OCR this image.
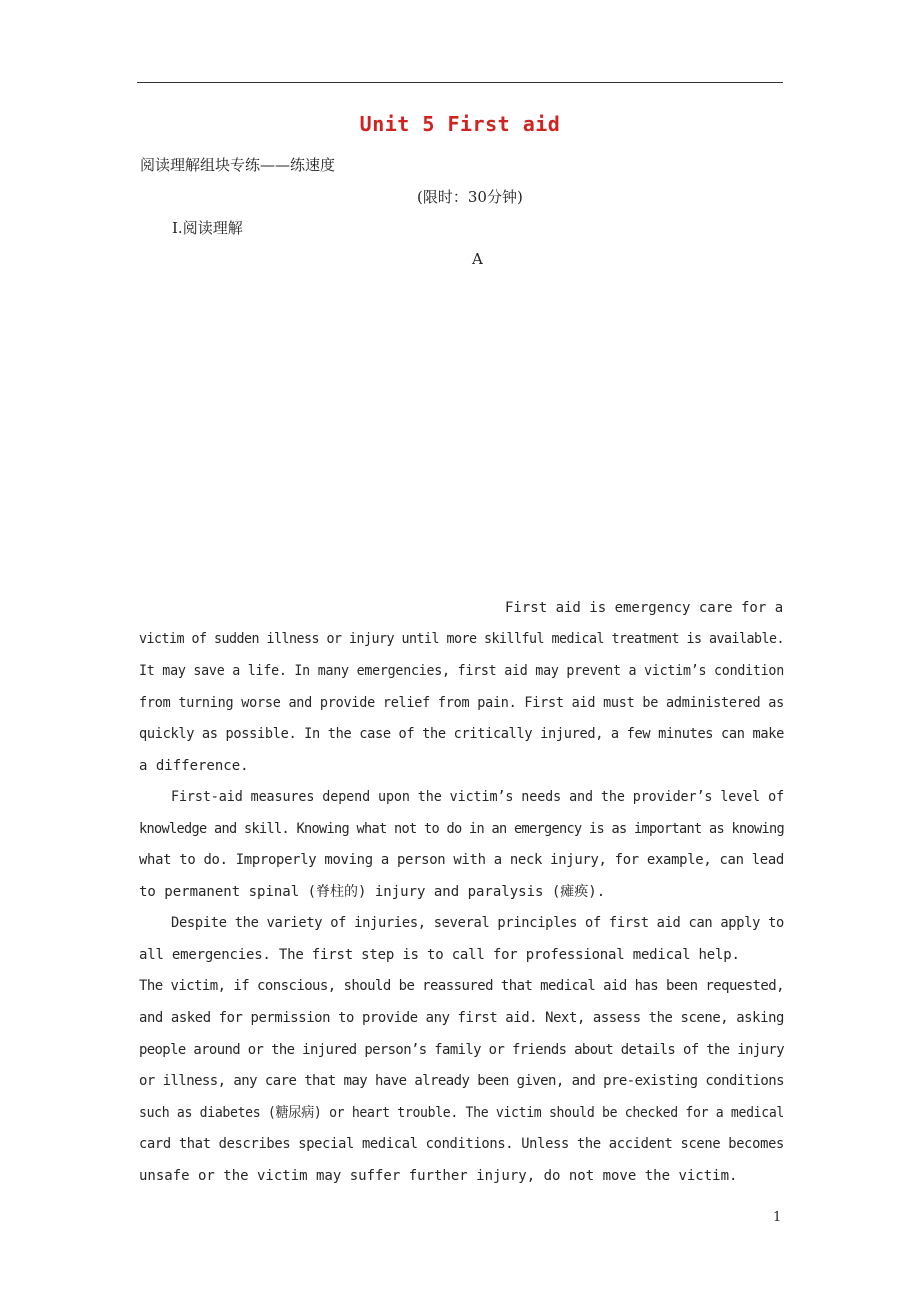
Unit 5 First aid
阅读理解组块专练——练速度
(限时：30分钟)
Ⅰ.阅读理解
A
First aid is emergency care for a
victim of sudden illness or injury until more skillful medical treatment is available.
It may save a life. In many emergencies, first aid may prevent a victim’s condition
from turning worse and provide relief from pain. First aid must be administered as
quickly as possible. In the case of the critically injured, a few minutes can make
a difference.
First-aid measures depend upon the victim’s needs and the provider’s level of
knowledge and skill. Knowing what not to do in an emergency is as important as knowing
what to do. Improperly moving a person with a neck injury, for example, can lead
to permanent spinal (脊柱的) injury and paralysis (瘫痪).
Despite the variety of injuries, several principles of first aid can apply to
all emergencies. The first step is to call for professional medical help.
The victim, if conscious, should be reassured that medical aid has been requested,
and asked for permission to provide any first aid. Next, assess the scene, asking
people around or the injured person’s family or friends about details of the injury
or illness, any care that may have already been given, and pre-existing conditions
such as diabetes (糖尿病) or heart trouble. The victim should be checked for a medical
card that describes special medical conditions. Unless the accident scene becomes
unsafe or the victim may suffer further injury, do not move the victim.
1
